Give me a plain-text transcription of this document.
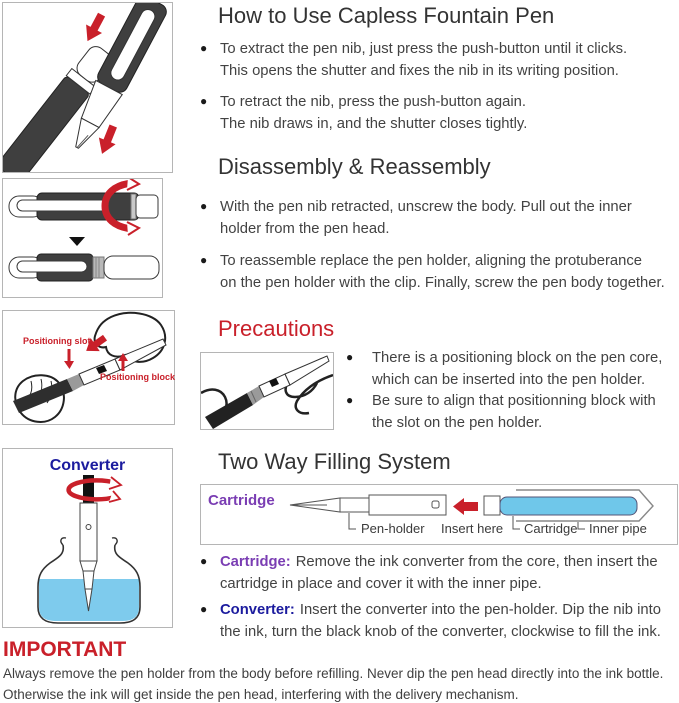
Positioning slot
Positioning block
Converter
How to Use Capless Fountain Pen
● To extract the pen nib, just press the push-button until it clicks.
This opens the shutter and fixes the nib in its writing position.
● To retract the nib, press the push-button again.
The nib draws in, and the shutter closes tightly.
Disassembly & Reassembly
● With the pen nib retracted, unscrew the body. Pull out the inner
holder from the pen head.
● To reassemble replace the pen holder, aligning the protuberance
on the pen holder with the clip. Finally, screw the pen body together.
Precautions
●	There is a positioning block on the pen core,
which can be inserted into the pen holder.
●	Be sure to align that positionning block with
the slot on the pen holder.
Two Way Filling System
Cartridge
Pen-holder Insert here Cartridge Inner pipe
● Cartridge: Remove the ink converter from the core, then insert the
cartridge in place and cover it with the inner pipe.
● Converter: Insert the converter into the pen-holder. Dip the nib into
the ink, turn the black knob of the converter, clockwise to fill the ink.
IMPORTANT
Always remove the pen holder from the body before refilling. Never dip the pen head directly into the ink bottle.
Otherwise the ink will get inside the pen head, interfering with the delivery mechanism.
